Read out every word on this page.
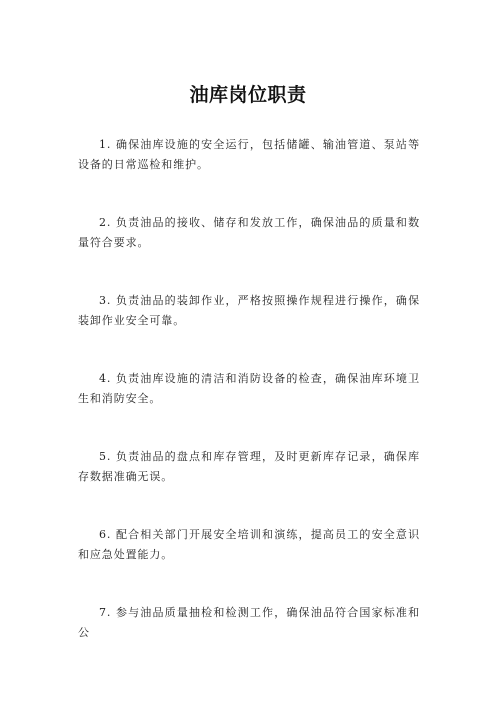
油库岗位职责

1. 确保油库设施的安全运行，包括储罐、输油管道、泵站等设备的日常巡检和维护。

2. 负责油品的接收、储存和发放工作，确保油品的质量和数量符合要求。

3. 负责油品的装卸作业，严格按照操作规程进行操作，确保装卸作业安全可靠。

4. 负责油库设施的清洁和消防设备的检查，确保油库环境卫生和消防安全。

5. 负责油品的盘点和库存管理，及时更新库存记录，确保库存数据准确无误。

6. 配合相关部门开展安全培训和演练，提高员工的安全意识和应急处置能力。

7. 参与油品质量抽检和检测工作，确保油品符合国家标准和公
